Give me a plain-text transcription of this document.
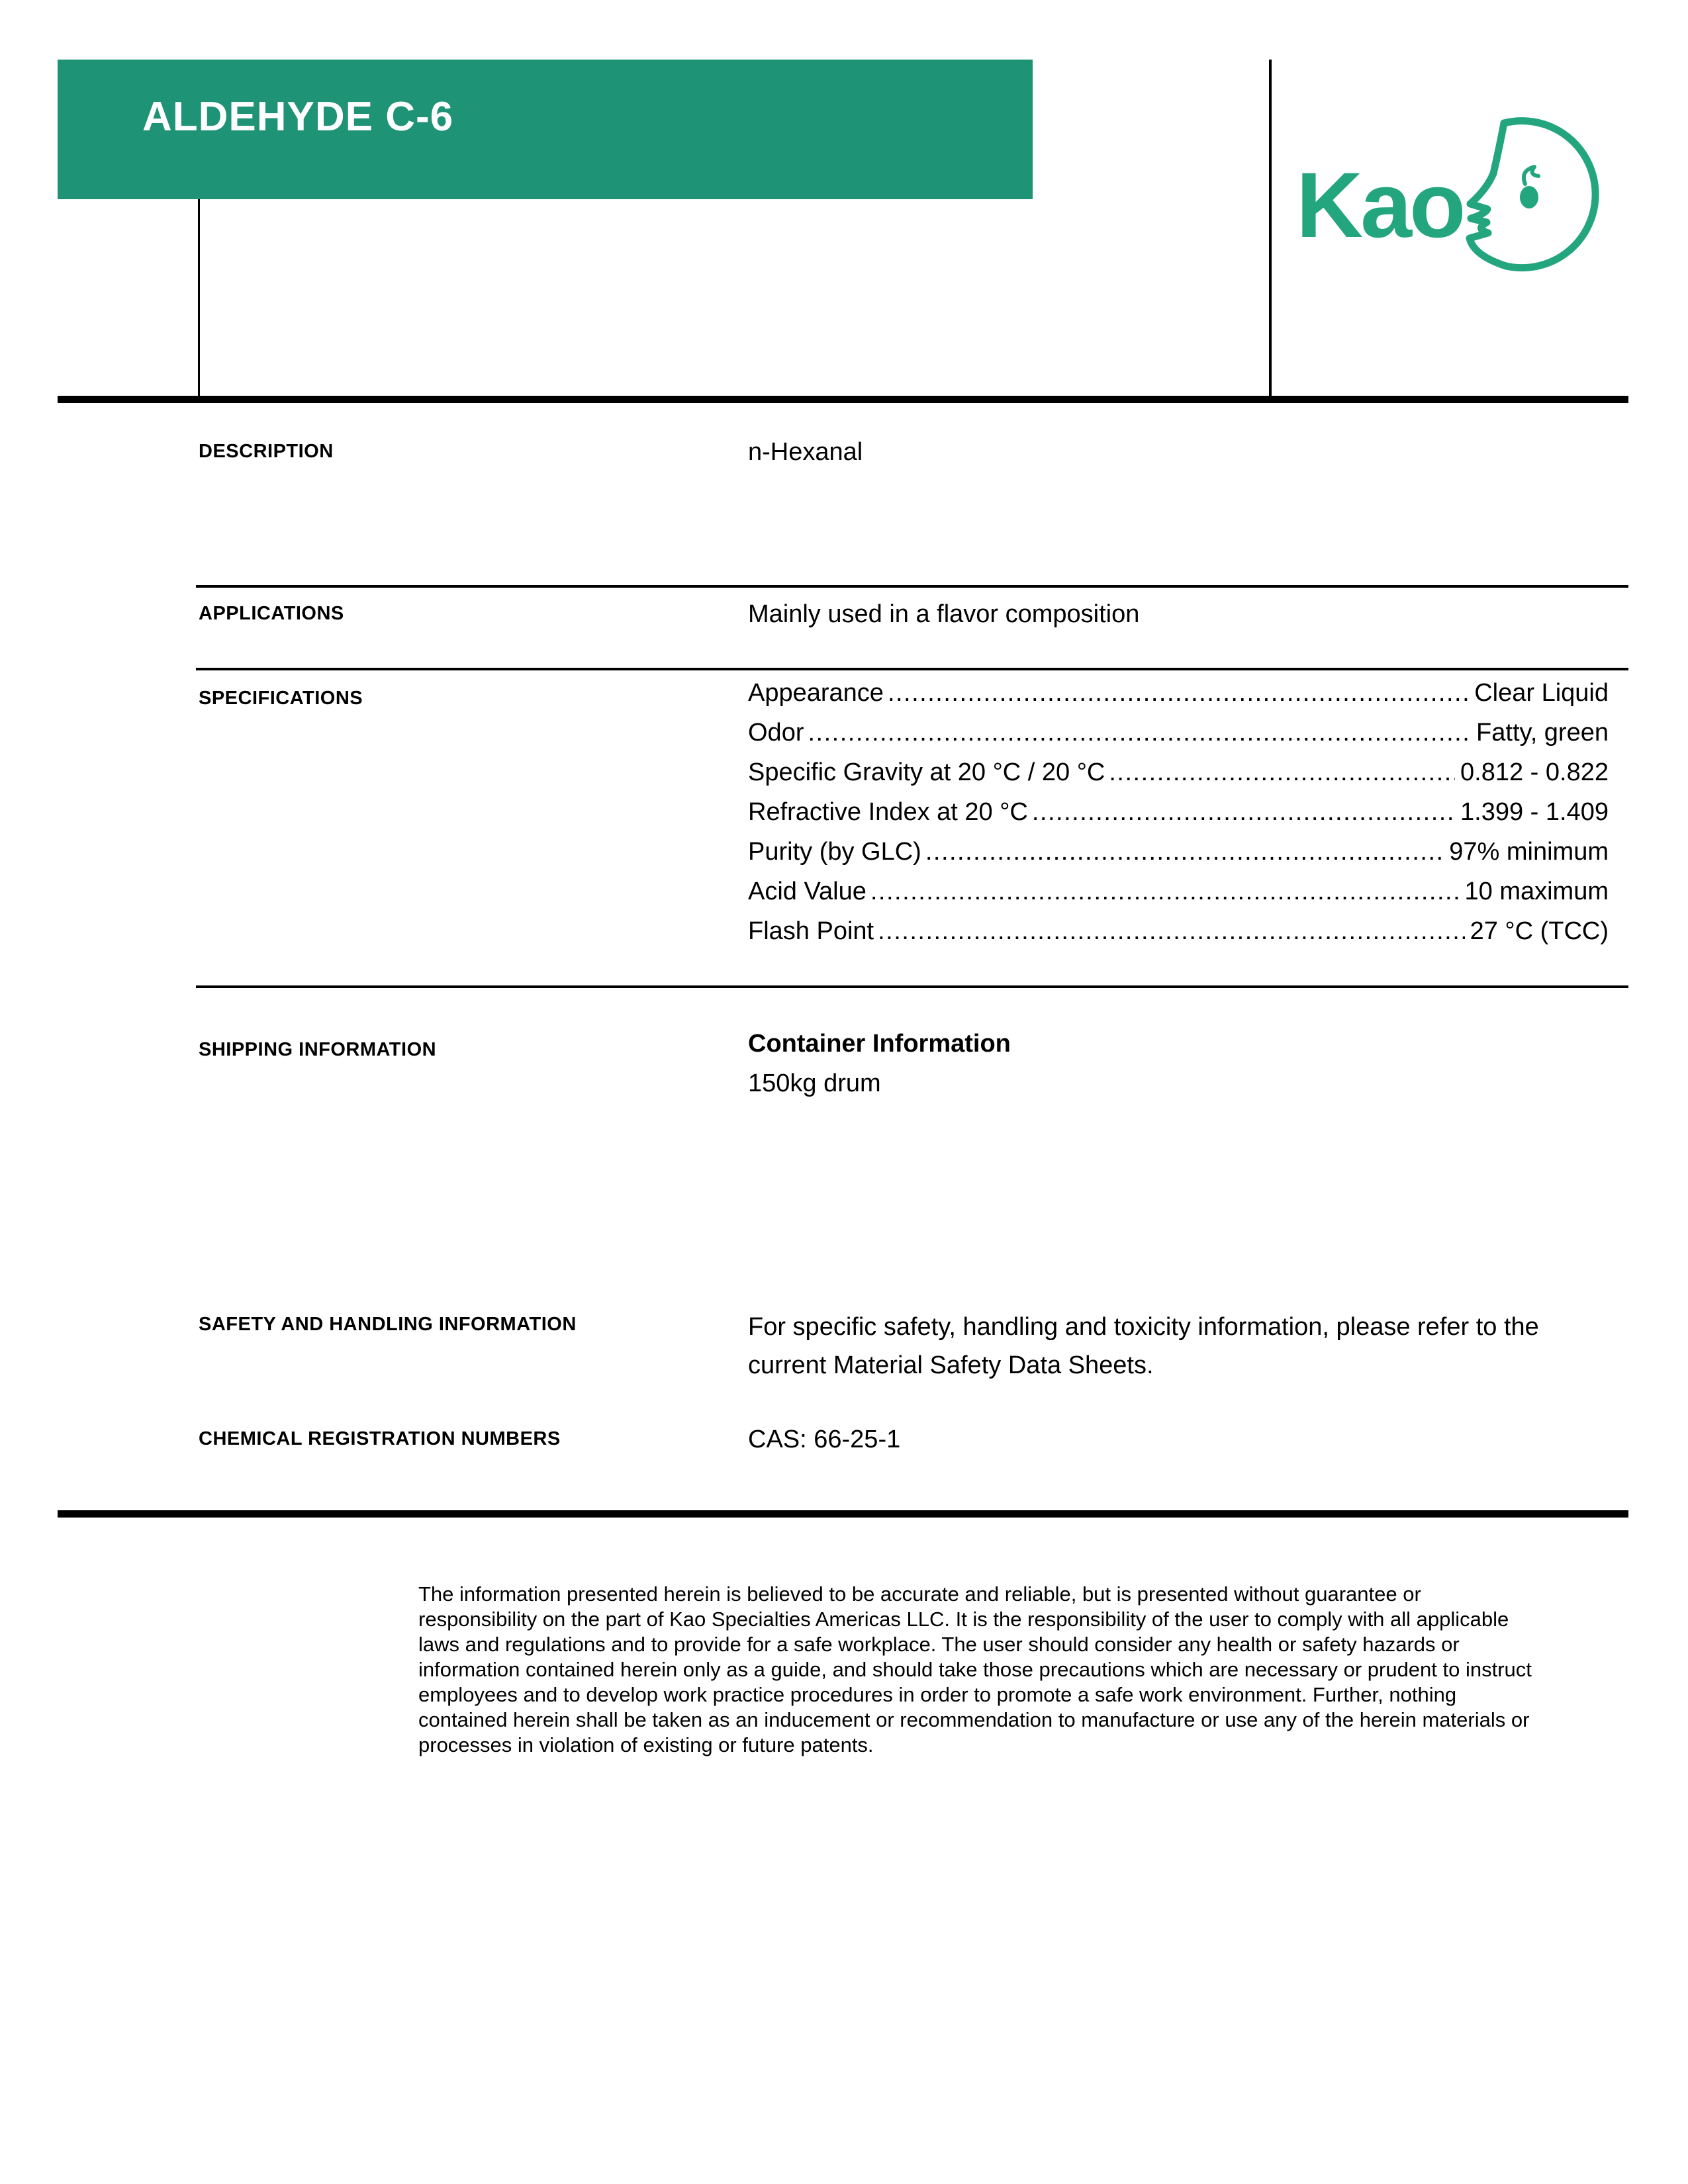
ALDEHYDE C-6
Kao
DESCRIPTION	n-Hexanal
APPLICATIONS	Mainly used in a flavor composition
SPECIFICATIONS	Appearance .....	Clear Liquid
Odor .....	Fatty, green
Specific Gravity at 20 °C / 20 °C .....	0.812 - 0.822
Refractive Index at 20 °C .....	1.399 - 1.409
Purity (by GLC) .....	97% minimum
Acid Value .....	10 maximum
Flash Point .....	27 °C (TCC)
SHIPPING INFORMATION	Container Information
150kg drum
SAFETY AND HANDLING INFORMATION	For specific safety, handling and toxicity information, please refer to the
current Material Safety Data Sheets.
CHEMICAL REGISTRATION NUMBERS	CAS: 66-25-1
The information presented herein is believed to be accurate and reliable, but is presented without guarantee or
responsibility on the part of Kao Specialties Americas LLC. It is the responsibility of the user to comply with all applicable
laws and regulations and to provide for a safe workplace. The user should consider any health or safety hazards or
information contained herein only as a guide, and should take those precautions which are necessary or prudent to instruct
employees and to develop work practice procedures in order to promote a safe work environment. Further, nothing
contained herein shall be taken as an inducement or recommendation to manufacture or use any of the herein materials or
processes in violation of existing or future patents.
